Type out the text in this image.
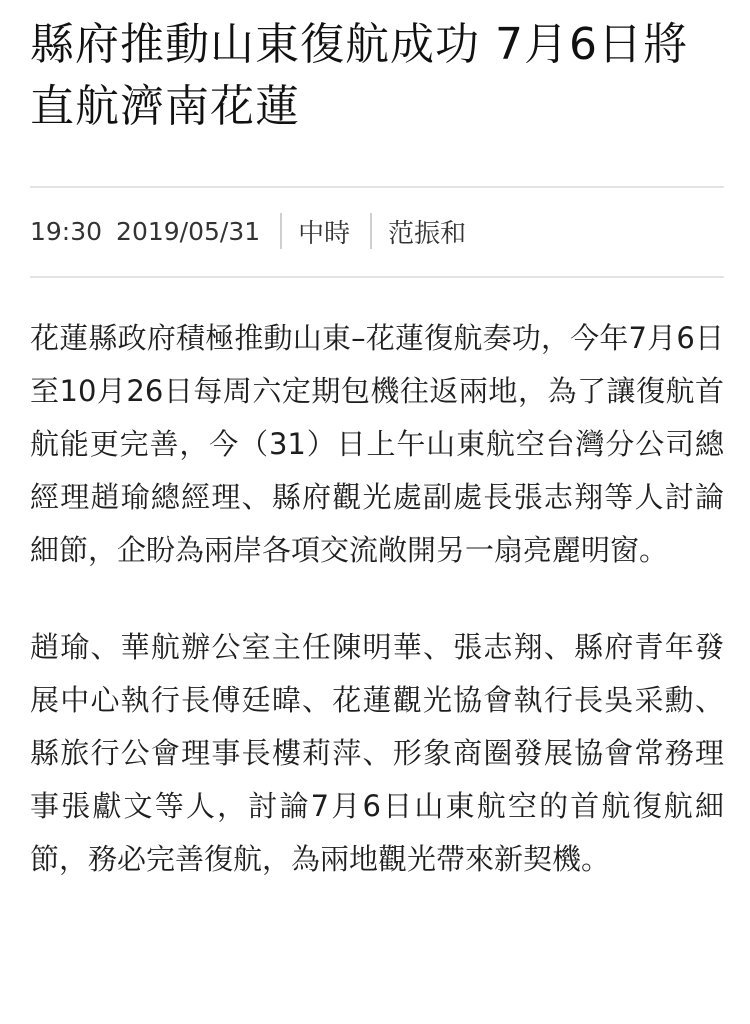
縣府推動山東復航成功 7月6日將直航濟南花蓮
19:30 2019/05/31 中時 范振和

花蓮縣政府積極推動山東–花蓮復航奏功，今年7月6日至10月26日每周六定期包機往返兩地，為了讓復航首航能更完善，今（31）日上午山東航空台灣分公司總經理趙瑜總經理、縣府觀光處副處長張志翔等人討論細節，企盼為兩岸各項交流敞開另一扇亮麗明窗。

趙瑜、華航辦公室主任陳明華、張志翔、縣府青年發展中心執行長傅廷暐、花蓮觀光協會執行長吳采勳、縣旅行公會理事長樓莉萍、形象商圈發展協會常務理事張獻文等人，討論7月6日山東航空的首航復航細節，務必完善復航，為兩地觀光帶來新契機。
